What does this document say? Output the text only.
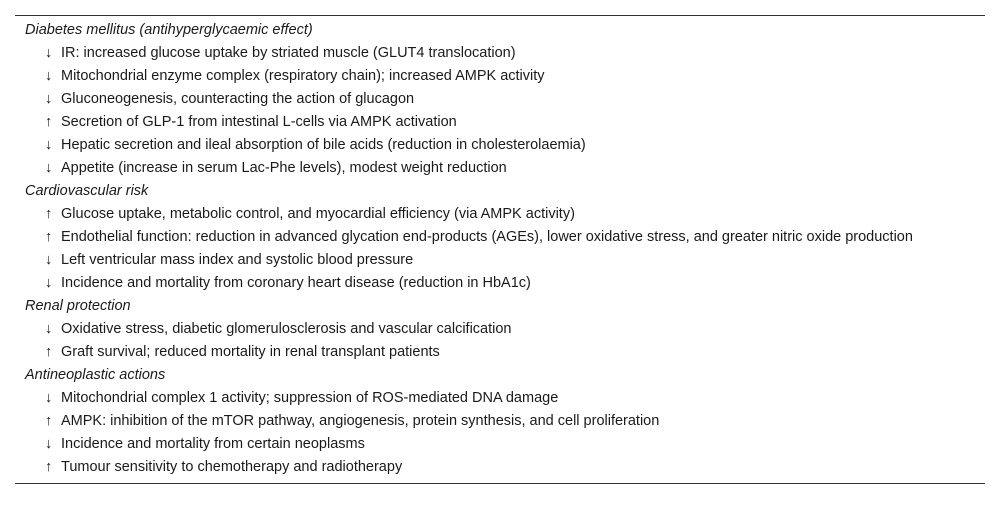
Diabetes mellitus (antihyperglycaemic effect)
↓ IR: increased glucose uptake by striated muscle (GLUT4 translocation)
↓ Mitochondrial enzyme complex (respiratory chain); increased AMPK activity
↓ Gluconeogenesis, counteracting the action of glucagon
↑ Secretion of GLP-1 from intestinal L-cells via AMPK activation
↓ Hepatic secretion and ileal absorption of bile acids (reduction in cholesterolaemia)
↓ Appetite (increase in serum Lac-Phe levels), modest weight reduction
Cardiovascular risk
↑ Glucose uptake, metabolic control, and myocardial efficiency (via AMPK activity)
↑ Endothelial function: reduction in advanced glycation end-products (AGEs), lower oxidative stress, and greater nitric oxide production
↓ Left ventricular mass index and systolic blood pressure
↓ Incidence and mortality from coronary heart disease (reduction in HbA1c)
Renal protection
↓ Oxidative stress, diabetic glomerulosclerosis and vascular calcification
↑ Graft survival; reduced mortality in renal transplant patients
Antineoplastic actions
↓ Mitochondrial complex 1 activity; suppression of ROS-mediated DNA damage
↑ AMPK: inhibition of the mTOR pathway, angiogenesis, protein synthesis, and cell proliferation
↓ Incidence and mortality from certain neoplasms
↑ Tumour sensitivity to chemotherapy and radiotherapy
